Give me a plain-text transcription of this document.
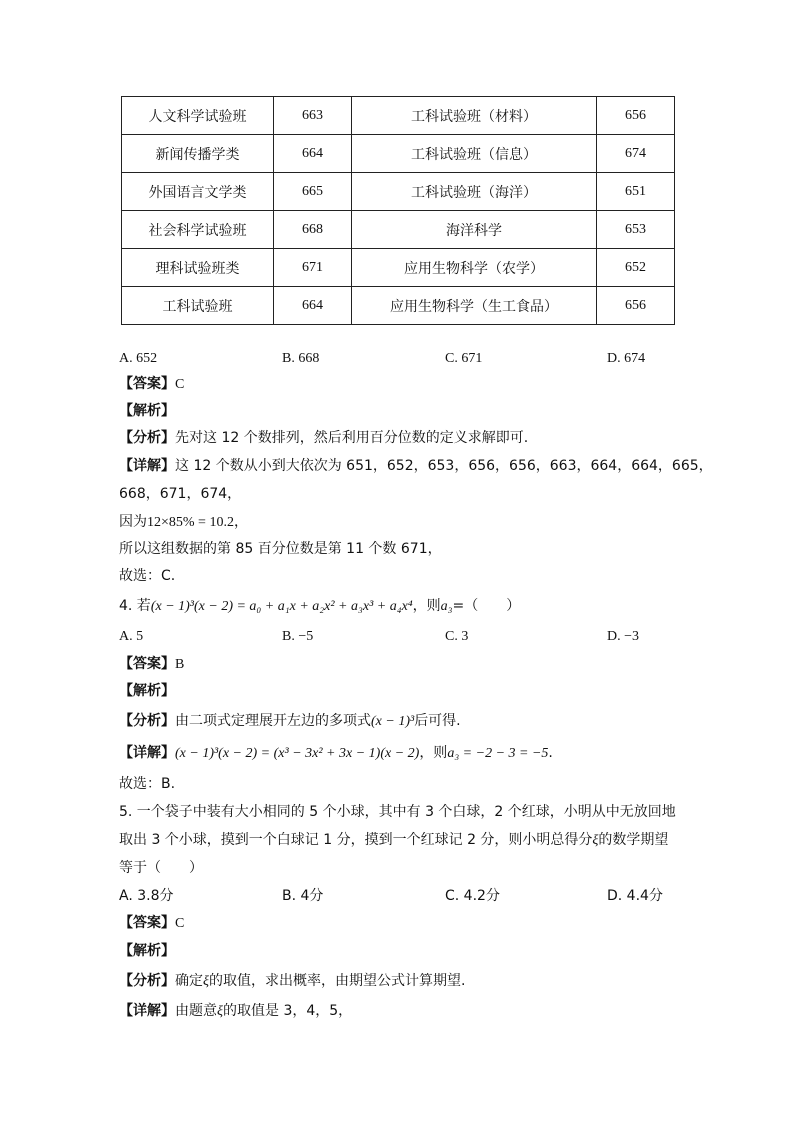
人文科学试验班	663	工科试验班（材料）	656
新闻传播学类	664	工科试验班（信息）	674
外国语言文学类	665	工科试验班（海洋）	651
社会科学试验班	668	海洋科学	653
理科试验班类	671	应用生物科学（农学）	652
工科试验班	664	应用生物科学（生工食品）	656
A. 652	B. 668	C. 671	D. 674
【答案】C
【解析】
【分析】先对这 12 个数排列，然后利用百分位数的定义求解即可.
【详解】这 12 个数从小到大依次为 651，652，653，656，656，663，664，664，665，
668，671，674，
因为12×85% = 10.2，
所以这组数据的第 85 百分位数是第 11 个数 671，
故选：C.
4. 若(x − 1)³(x − 2) = a₀ + a₁x + a₂x² + a₃x³ + a₄x⁴，则a₃=（　　）
A. 5	B. −5	C. 3	D. −3
【答案】B
【解析】
【分析】由二项式定理展开左边的多项式(x − 1)³后可得.
【详解】(x − 1)³(x − 2) = (x³ − 3x² + 3x − 1)(x − 2)，则a₃ = −2 − 3 = −5.
故选：B.
5. 一个袋子中装有大小相同的 5 个小球，其中有 3 个白球，2 个红球，小明从中无放回地
取出 3 个小球，摸到一个白球记 1 分，摸到一个红球记 2 分，则小明总得分ξ的数学期望
等于（　　）
A. 3.8分	B. 4分	C. 4.2分	D. 4.4分
【答案】C
【解析】
【分析】确定ξ的取值，求出概率，由期望公式计算期望.
【详解】由题意ξ的取值是 3，4，5，
